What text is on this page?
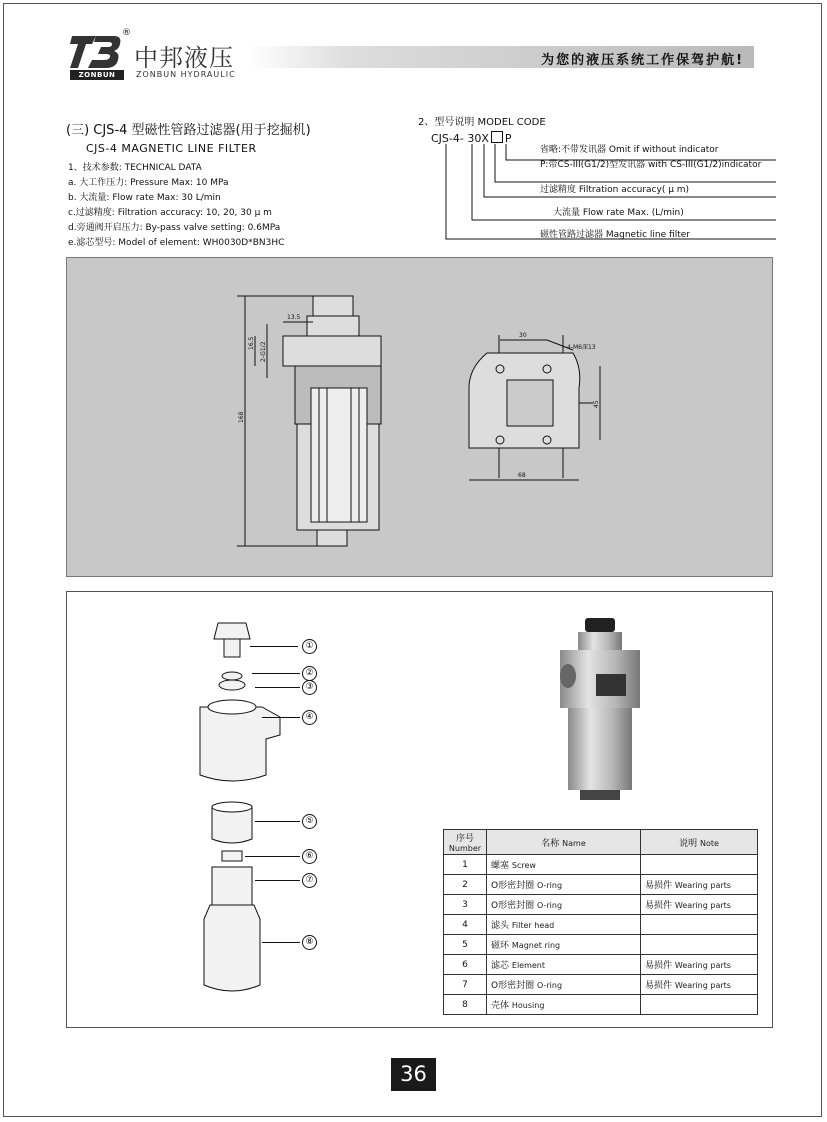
®
ZONBUN
中邦液压
ZONBUN HYDRAULIC
为您的液压系统工作保驾护航!
(三) CJS-4 型磁性管路过滤器(用于挖掘机)
CJS-4 MAGNETIC LINE FILTER
1、技术参数: TECHNICAL DATA
a. 大工作压力: Pressure Max: 10 MPa
b. 大流量: Flow rate Max: 30 L/min
c.过滤精度: Filtration accuracy: 10, 20, 30 μ m
d.旁通阀开启压力: By-pass valve setting: 0.6MPa
e.滤芯型号: Model of element: WH0030D*BN3HC
2、型号说明 MODEL CODE
CJS-4- 30X P
省略:不带发讯器 Omit if without indicator
P:带CS-III(G1/2)型发讯器 with CS-III(G1/2)indicator
过滤精度 Filtration accuracy( μ m)
大流量 Flow rate Max. (L/min)
磁性管路过滤器 Magnetic line filter
13.5
16.5 2-G1/2
168
30
4-M6深13
45
68
①
②
③
④
⑤
⑥
⑦
⑧
序号
Number	名称 Name	说明 Note
1	螺塞 Screw	
2	O形密封圈 O-ring	易损件 Wearing parts
3	O形密封圈 O-ring	易损件 Wearing parts
4	滤头 Filter head	
5	磁环 Magnet ring	
6	滤芯 Element	易损件 Wearing parts
7	O形密封圈 O-ring	易损件 Wearing parts
8	壳体 Housing	
36
